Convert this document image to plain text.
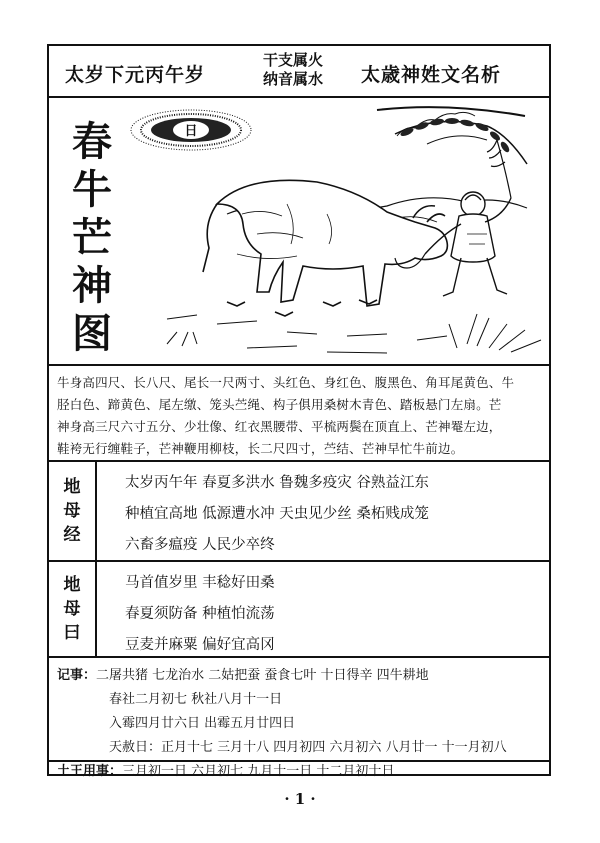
太岁下元丙午岁
干支属火
纳音属水 太歳神姓文名析
春
牛
芒
神
图
日
牛身高四尺、长八尺、尾长一尺两寸、头红色、身红色、腹黑色、角耳尾黄色、牛
胫白色、蹄黄色、尾左缴、笼头苎绳、构子俱用桑树木青色、踏板悬门左扇。芒
神身高三尺六寸五分、少壮像、红衣黑腰带、平梳两鬓在顶直上、芒神罨左边，
鞋袴无行缠鞋子，芒神鞭用柳枝，长二尺四寸，苎结、芒神早忙牛前边。
地
母
经
太岁丙午年 春夏多洪水 鲁魏多疫灾 谷熟益江东
种植宜高地 低源遭水冲 天虫见少丝 桑柘贱成笼
六畜多瘟疫 人民少卒终
地
母
曰
马首值岁里 丰稔好田桑
春夏须防备 种植怕流荡
豆麦并麻粟 偏好宜高冈
记事：二屠共猪 七龙治水 二姑把蚕 蚕食七叶 十日得辛 四牛耕地
春社二月初七 秋社八月十一日
入霉四月廿六日 出霉五月廿四日
天赦日：正月十七 三月十八 四月初四 六月初六 八月廿一 十一月初八
土王用事：三月初一日 六月初七 九月十一日 十二月初十日
· 1 ·
